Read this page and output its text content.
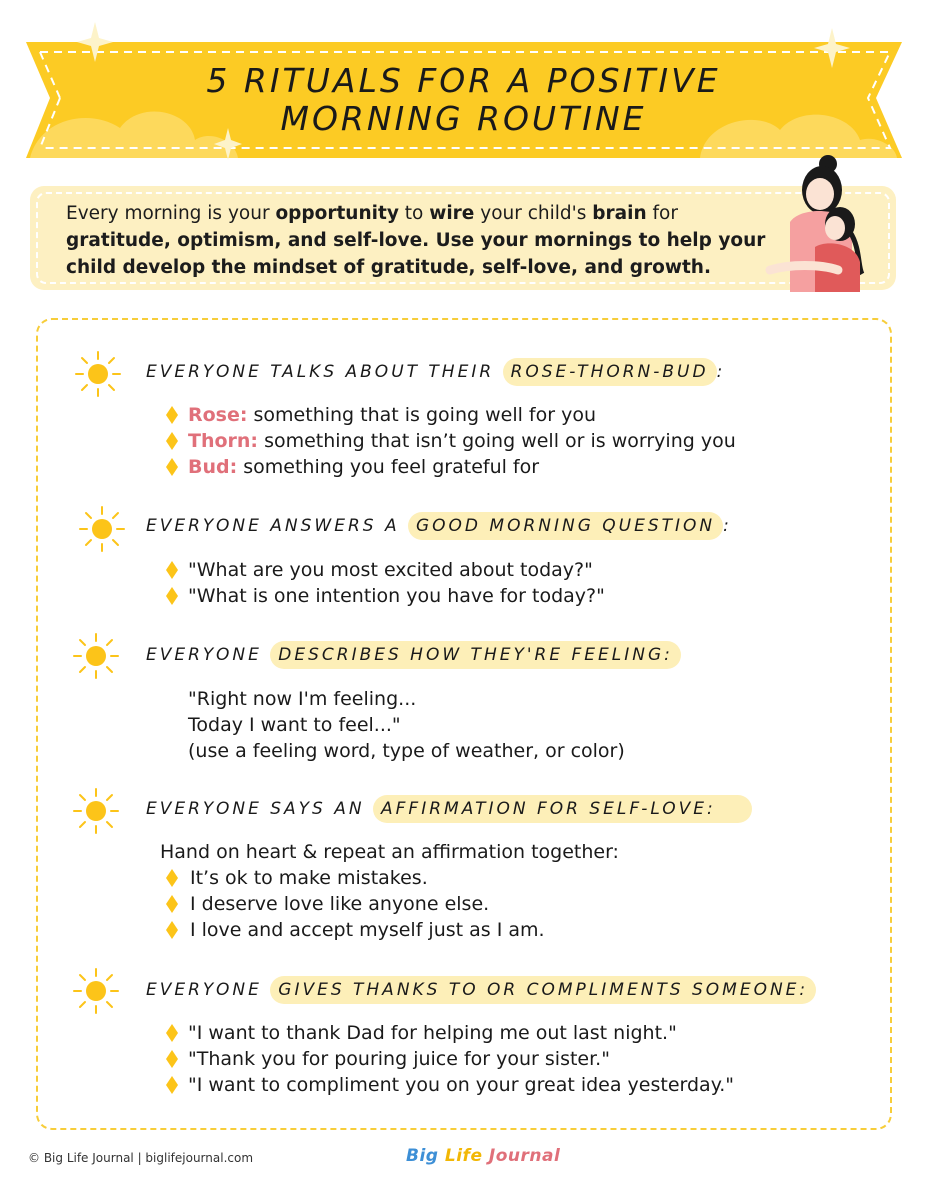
5 RITUALS FOR A POSITIVE
MORNING ROUTINE
Every morning is your opportunity to wire your child's brain for
gratitude, optimism, and self-love. Use your mornings to help your
child develop the mindset of gratitude, self-love, and growth.
EVERYONE TALKS ABOUT THEIR ROSE-THORN-BUD :
Rose: something that is going well for you
Thorn: something that isn’t going well or is worrying you
Bud: something you feel grateful for
EVERYONE ANSWERS A GOOD MORNING QUESTION :
"What are you most excited about today?"
"What is one intention you have for today?"
EVERYONE DESCRIBES HOW THEY'RE FEELING:
"Right now I'm feeling...
Today I want to feel..."
(use a feeling word, type of weather, or color)
EVERYONE SAYS AN AFFIRMATION FOR SELF-LOVE:
Hand on heart & repeat an affirmation together:
It’s ok to make mistakes.
I deserve love like anyone else.
I love and accept myself just as I am.
EVERYONE GIVES THANKS TO OR COMPLIMENTS SOMEONE:
"I want to thank Dad for helping me out last night."
"Thank you for pouring juice for your sister."
"I want to compliment you on your great idea yesterday."
© Big Life Journal | biglifejournal.com	Big Life Journal
